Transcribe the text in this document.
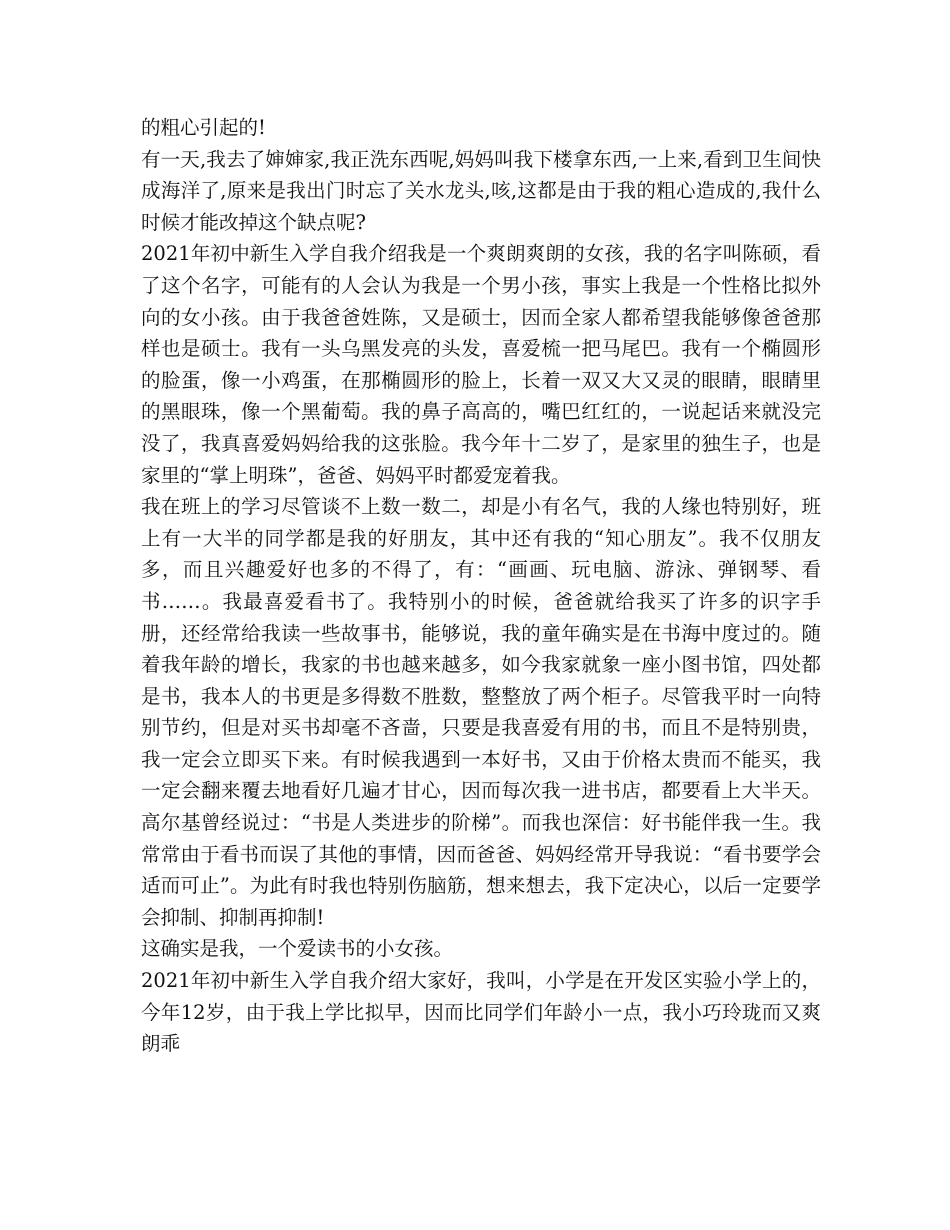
的粗心引起的!

有一天,我去了婶婶家,我正洗东西呢,妈妈叫我下楼拿东西,一上来,看到卫生间快成海洋了,原来是我出门时忘了关水龙头,咳,这都是由于我的粗心造成的,我什么时候才能改掉这个缺点呢?

2021年初中新生入学自我介绍我是一个爽朗爽朗的女孩，我的名字叫陈硕，看了这个名字，可能有的人会认为我是一个男小孩，事实上我是一个性格比拟外向的女小孩。由于我爸爸姓陈，又是硕士，因而全家人都希望我能够像爸爸那样也是硕士。我有一头乌黑发亮的头发，喜爱梳一把马尾巴。我有一个椭圆形的脸蛋，像一小鸡蛋，在那椭圆形的脸上，长着一双又大又灵的眼睛，眼睛里的黑眼珠，像一个黑葡萄。我的鼻子高高的，嘴巴红红的，一说起话来就没完没了，我真喜爱妈妈给我的这张脸。我今年十二岁了，是家里的独生子，也是家里的“掌上明珠”，爸爸、妈妈平时都爱宠着我。

我在班上的学习尽管谈不上数一数二，却是小有名气，我的人缘也特别好，班上有一大半的同学都是我的好朋友，其中还有我的“知心朋友”。我不仅朋友多，而且兴趣爱好也多的不得了，有：“画画、玩电脑、游泳、弹钢琴、看书……。我最喜爱看书了。我特别小的时候，爸爸就给我买了许多的识字手册，还经常给我读一些故事书，能够说，我的童年确实是在书海中度过的。随着我年龄的增长，我家的书也越来越多，如今我家就象一座小图书馆，四处都是书，我本人的书更是多得数不胜数，整整放了两个柜子。尽管我平时一向特别节约，但是对买书却毫不吝啬，只要是我喜爱有用的书，而且不是特别贵，我一定会立即买下来。有时候我遇到一本好书，又由于价格太贵而不能买，我一定会翻来覆去地看好几遍才甘心，因而每次我一进书店，都要看上大半天。高尔基曾经说过：“书是人类进步的阶梯”。而我也深信：好书能伴我一生。我常常由于看书而误了其他的事情，因而爸爸、妈妈经常开导我说：“看书要学会适而可止”。为此有时我也特别伤脑筋，想来想去，我下定决心，以后一定要学会抑制、抑制再抑制!

这确实是我，一个爱读书的小女孩。

2021年初中新生入学自我介绍大家好，我叫，小学是在开发区实验小学上的，今年12岁，由于我上学比拟早，因而比同学们年龄小一点，我小巧玲珑而又爽朗乖
